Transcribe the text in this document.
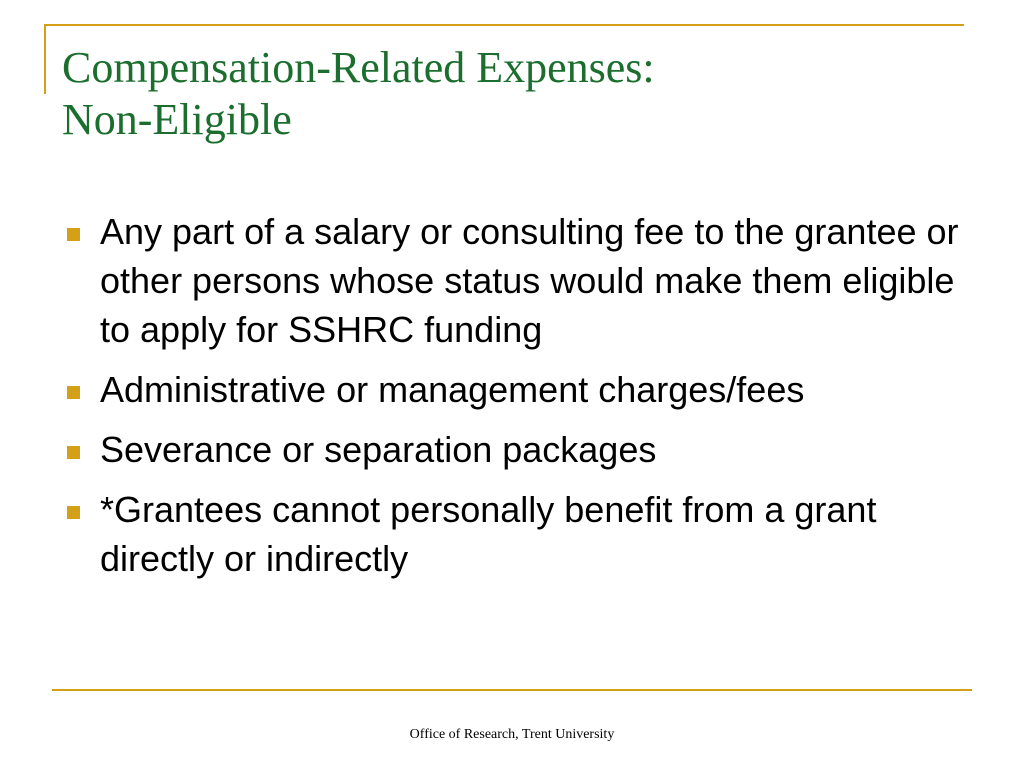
Compensation-Related Expenses:
Non-Eligible
Any part of a salary or consulting fee to the grantee or other persons whose status would make them eligible to apply for SSHRC funding
Administrative or management charges/fees
Severance or separation packages
*Grantees cannot personally benefit from a grant directly or indirectly
Office of Research, Trent University
